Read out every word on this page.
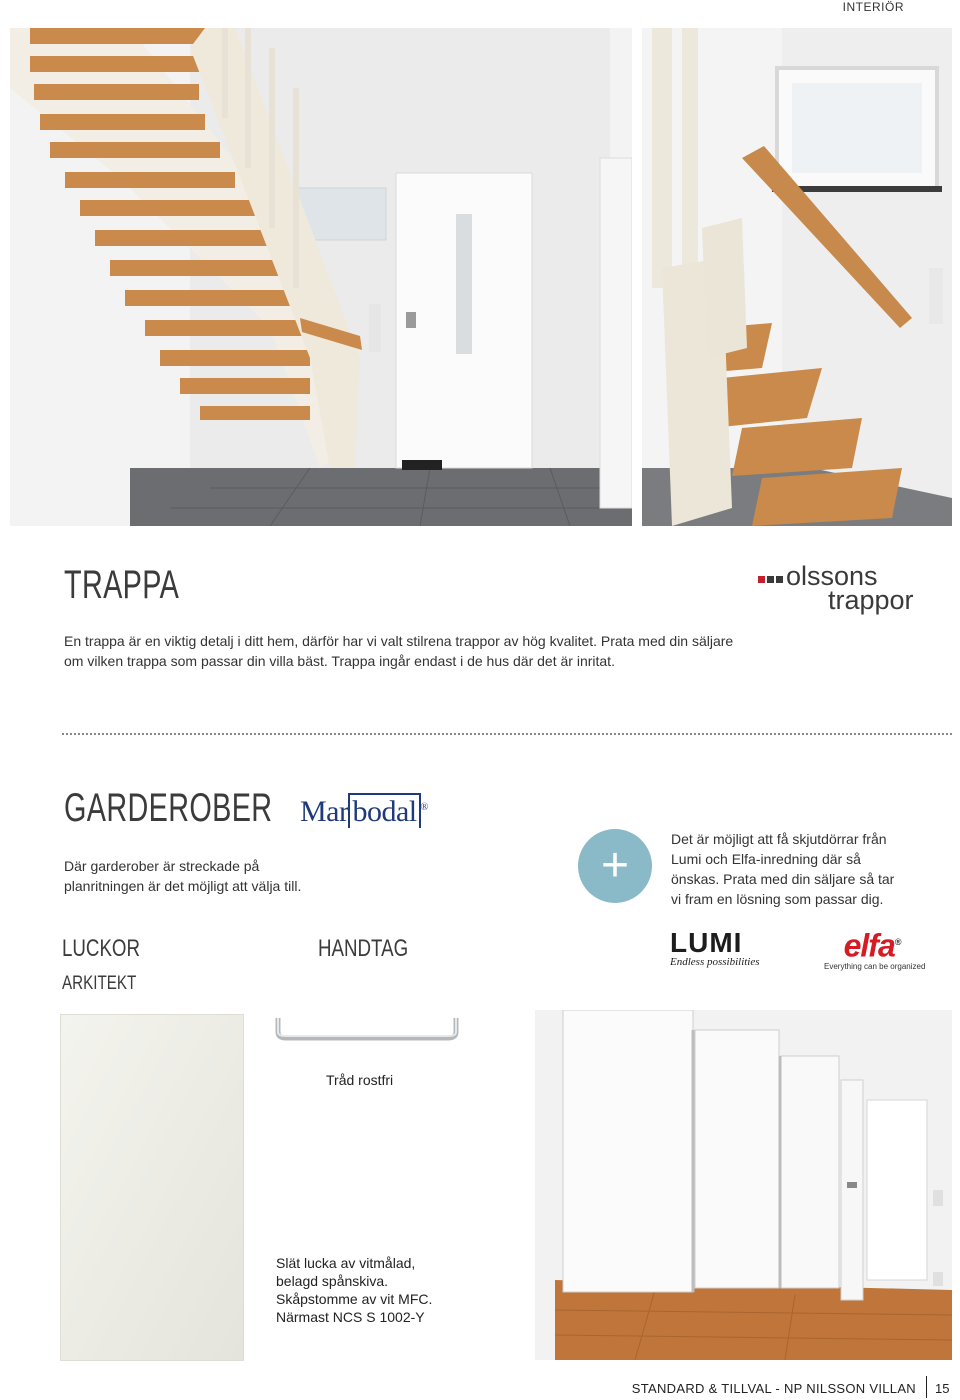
INTERIÖR
TRAPPA	olssons
trappor

En trappa är en viktig detalj i ditt hem, därför har vi valt stilrena trappor av hög kvalitet. Prata med din säljare

om vilken trappa som passar din villa bäst. Trappa ingår endast i de hus där det är inritat.

GARDEROBER Mar bodal ®

Där garderober är streckade på

planritningen är det möjligt att välja till.	+	Det är möjligt att få skjutdörrar från

Lumi och Elfa-inredning där så

önskas. Prata med din säljare så tar

vi fram en lösning som passar dig.

LUMI
Endless possibilities	elfa®
Everything can be organized
LUCKOR
ARKITEKT
HANDTAG
Tråd rostfri

Slät lucka av vitmålad,

belagd spånskiva.

Skåpstomme av vit MFC.

Närmast NCS S 1002-Y

STANDARD & TILLVAL - NP NILSSON VILLAN 15
